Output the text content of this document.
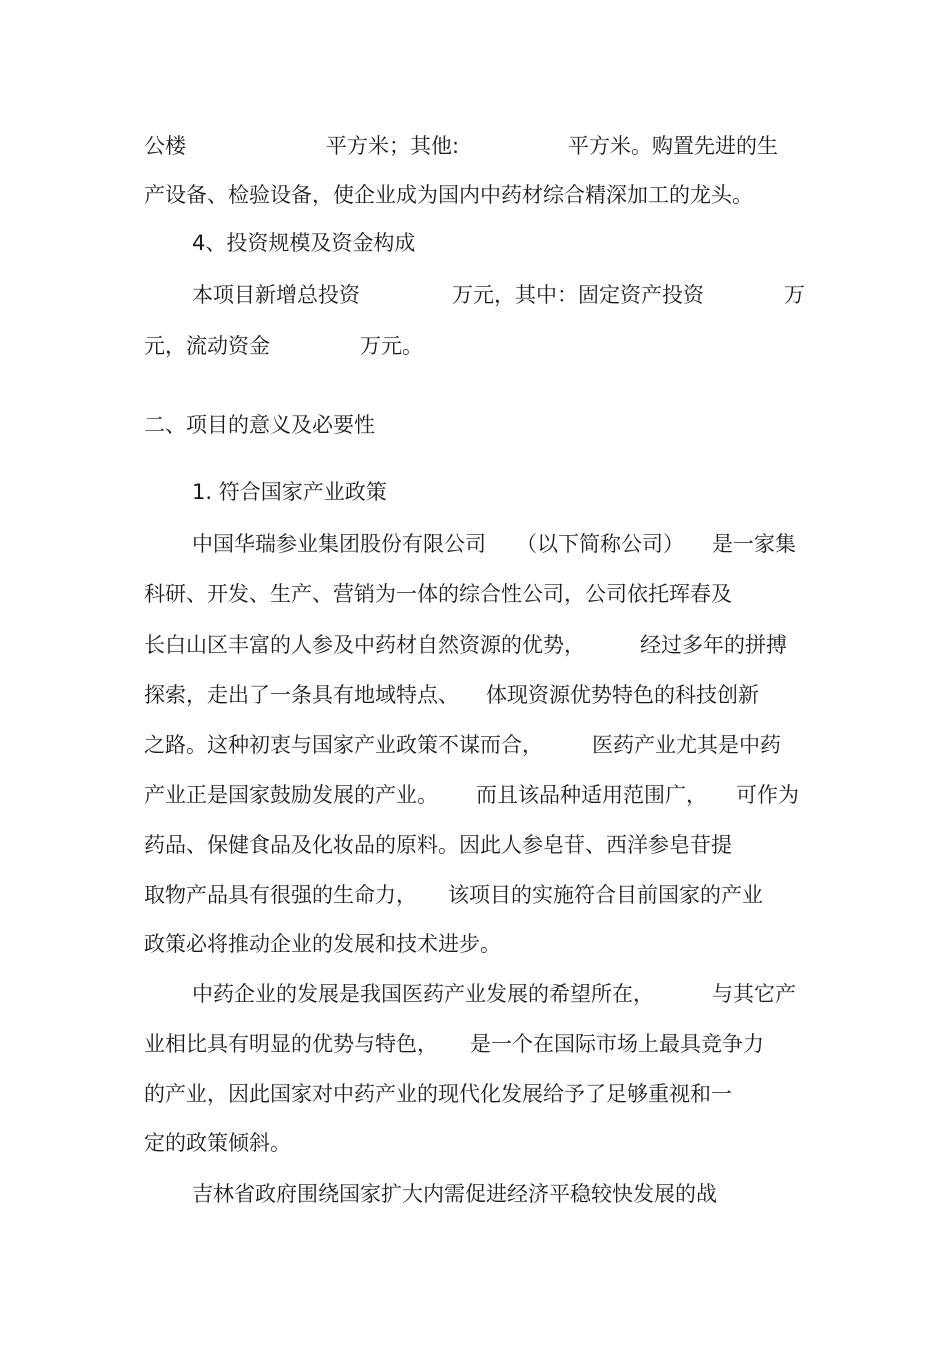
公楼	平方米；其他:	平方米。购置先进的生
产设备、检验设备，使企业成为国内中药材综合精深加工的龙头。
4、投资规模及资金构成
本项目新增总投资	万元，其中：固定资产投资	万
元，流动资金	万元。
二、项目的意义及必要性
1. 符合国家产业政策
中国华瑞参业集团股份有限公司 （以下简称公司） 是一家集
科研、开发、生产、营销为一体的综合性公司，公司依托珲春及
长白山区丰富的人参及中药材自然资源的优势，	经过多年的拼搏
探索，走出了一条具有地域特点、 体现资源优势特色的科技创新
之路。这种初衷与国家产业政策不谋而合， 医药产业尤其是中药
产业正是国家鼓励发展的产业。 而且该品种适用范围广， 可作为
药品、保健食品及化妆品的原料。因此人参皂苷、西洋参皂苷提
取物产品具有很强的生命力， 该项目的实施符合目前国家的产业
政策必将推动企业的发展和技术进步。
中药企业的发展是我国医药产业发展的希望所在，	与其它产
业相比具有明显的优势与特色， 是一个在国际市场上最具竞争力
的产业，因此国家对中药产业的现代化发展给予了足够重视和一
定的政策倾斜。
吉林省政府围绕国家扩大内需促进经济平稳较快发展的战
